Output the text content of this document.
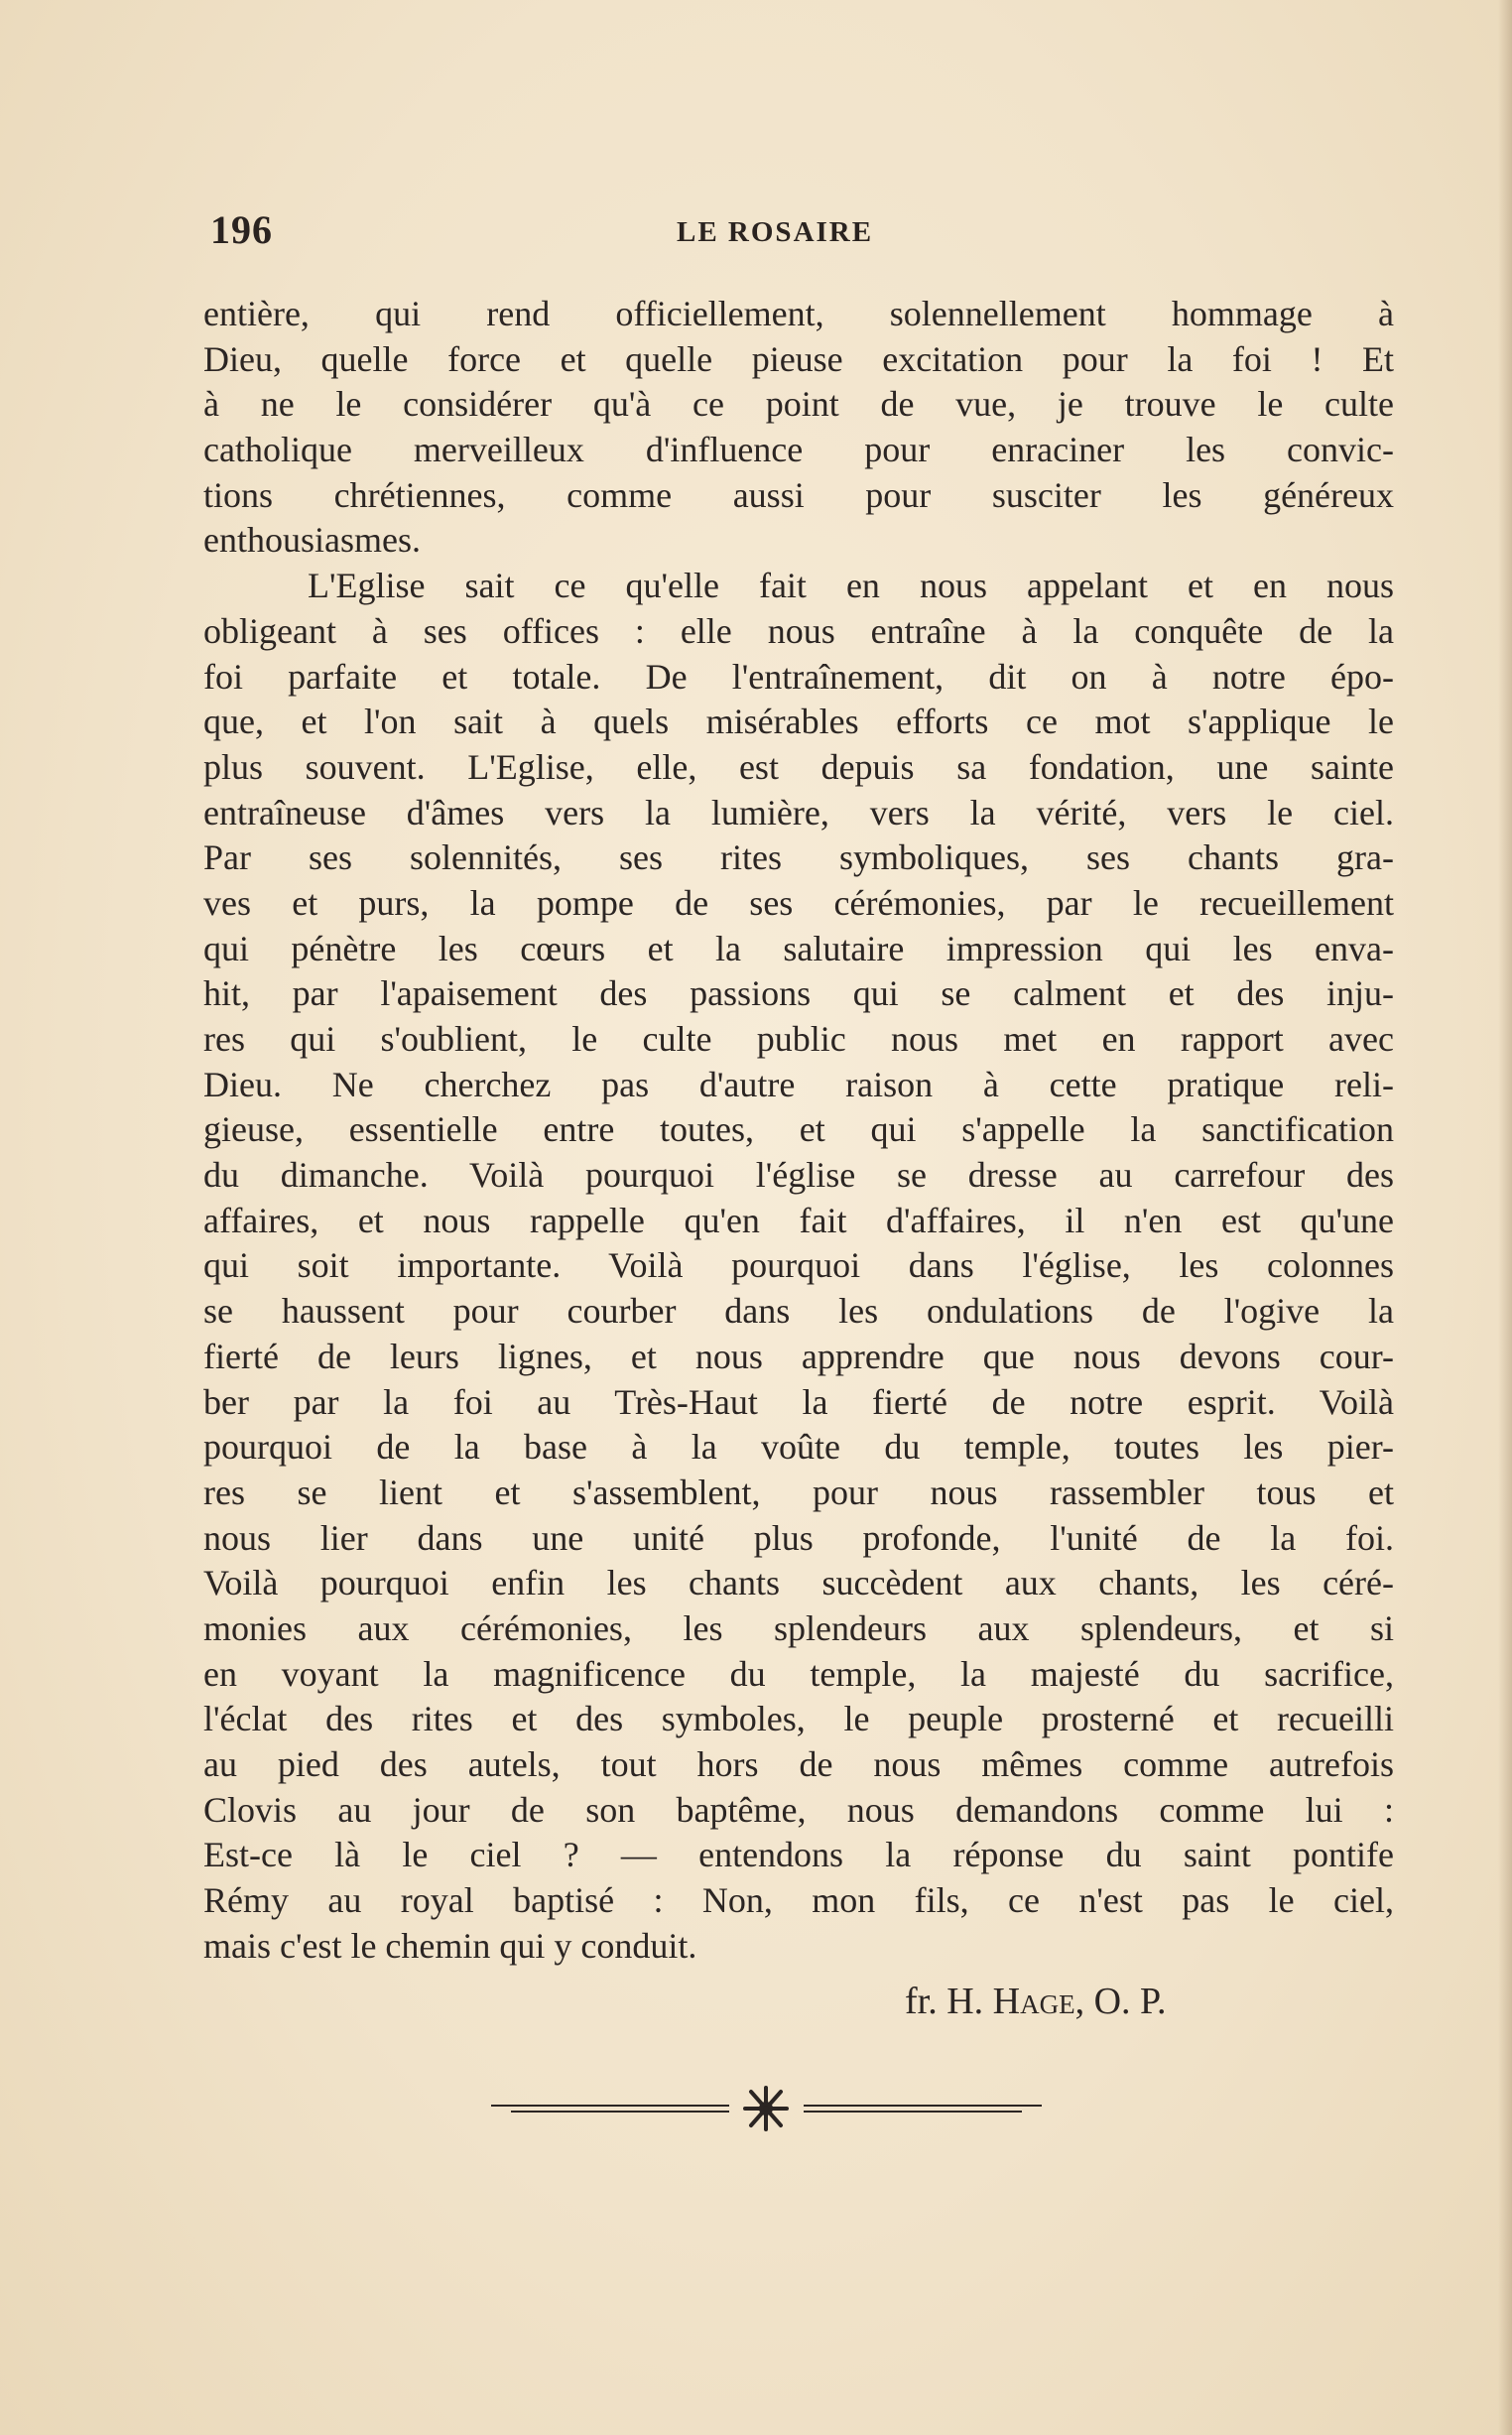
196	LE ROSAIRE
entière, qui rend officiellement, solennellement hommage à
Dieu, quelle force et quelle pieuse excitation pour la foi ! Et
à ne le considérer qu'à ce point de vue, je trouve le culte
catholique merveilleux d'influence pour enraciner les convic-
tions chrétiennes, comme aussi pour susciter les généreux
enthousiasmes.
L'Eglise sait ce qu'elle fait en nous appelant et en nous
obligeant à ses offices : elle nous entraîne à la conquête de la
foi parfaite et totale. De l'entraînement, dit on à notre épo-
que, et l'on sait à quels misérables efforts ce mot s'applique le
plus souvent. L'Eglise, elle, est depuis sa fondation, une sainte
entraîneuse d'âmes vers la lumière, vers la vérité, vers le ciel.
Par ses solennités, ses rites symboliques, ses chants gra-
ves et purs, la pompe de ses cérémonies, par le recueillement
qui pénètre les cœurs et la salutaire impression qui les enva-
hit, par l'apaisement des passions qui se calment et des inju-
res qui s'oublient, le culte public nous met en rapport avec
Dieu. Ne cherchez pas d'autre raison à cette pratique reli-
gieuse, essentielle entre toutes, et qui s'appelle la sanctification
du dimanche. Voilà pourquoi l'église se dresse au carrefour des
affaires, et nous rappelle qu'en fait d'affaires, il n'en est qu'une
qui soit importante. Voilà pourquoi dans l'église, les colonnes
se haussent pour courber dans les ondulations de l'ogive la
fierté de leurs lignes, et nous apprendre que nous devons cour-
ber par la foi au Très-Haut la fierté de notre esprit. Voilà
pourquoi de la base à la voûte du temple, toutes les pier-
res se lient et s'assemblent, pour nous rassembler tous et
nous lier dans une unité plus profonde, l'unité de la foi.
Voilà pourquoi enfin les chants succèdent aux chants, les céré-
monies aux cérémonies, les splendeurs aux splendeurs, et si
en voyant la magnificence du temple, la majesté du sacrifice,
l'éclat des rites et des symboles, le peuple prosterné et recueilli
au pied des autels, tout hors de nous mêmes comme autrefois
Clovis au jour de son baptême, nous demandons comme lui :
Est-ce là le ciel ? — entendons la réponse du saint pontife
Rémy au royal baptisé : Non, mon fils, ce n'est pas le ciel,
mais c'est le chemin qui y conduit.
fr. H. Hage, O. P.
